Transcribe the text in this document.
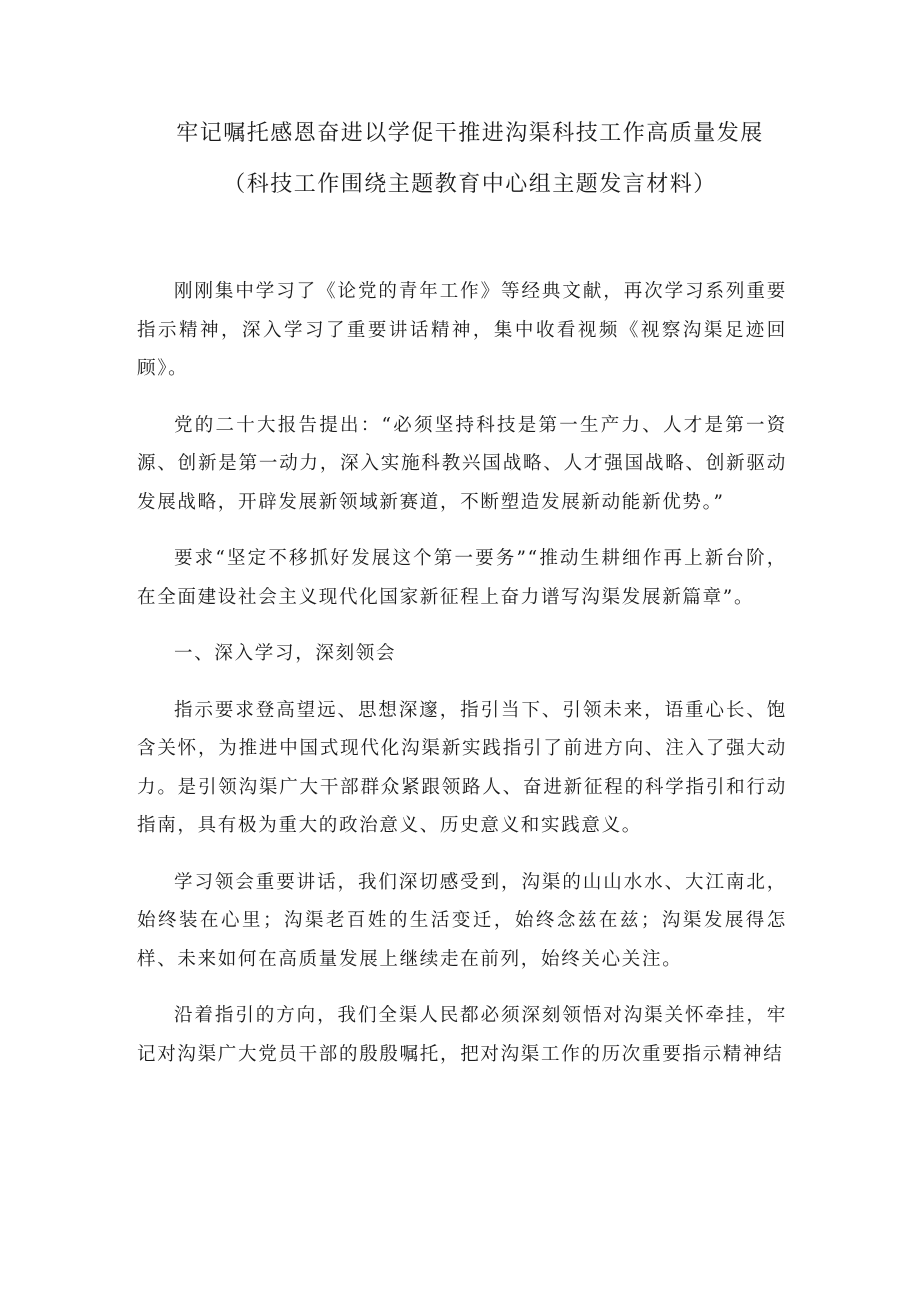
牢记嘱托感恩奋进以学促干推进沟渠科技工作高质量发展
（科技工作围绕主题教育中心组主题发言材料）

刚刚集中学习了《论党的青年工作》等经典文献，再次学习系列重要指示精神，深入学习了重要讲话精神，集中收看视频《视察沟渠足迹回顾》。

党的二十大报告提出：“必须坚持科技是第一生产力、人才是第一资源、创新是第一动力，深入实施科教兴国战略、人才强国战略、创新驱动发展战略，开辟发展新领域新赛道，不断塑造发展新动能新优势。”

要求“坚定不移抓好发展这个第一要务”“推动生耕细作再上新台阶，在全面建设社会主义现代化国家新征程上奋力谱写沟渠发展新篇章”。

一、深入学习，深刻领会

指示要求登高望远、思想深邃，指引当下、引领未来，语重心长、饱含关怀，为推进中国式现代化沟渠新实践指引了前进方向、注入了强大动力。是引领沟渠广大干部群众紧跟领路人、奋进新征程的科学指引和行动指南，具有极为重大的政治意义、历史意义和实践意义。

学习领会重要讲话，我们深切感受到，沟渠的山山水水、大江南北，始终装在心里；沟渠老百姓的生活变迁，始终念兹在兹；沟渠发展得怎样、未来如何在高质量发展上继续走在前列，始终关心关注。

沿着指引的方向，我们全渠人民都必须深刻领悟对沟渠关怀牵挂，牢记对沟渠广大党员干部的殷殷嘱托，把对沟渠工作的历次重要指示精神结
